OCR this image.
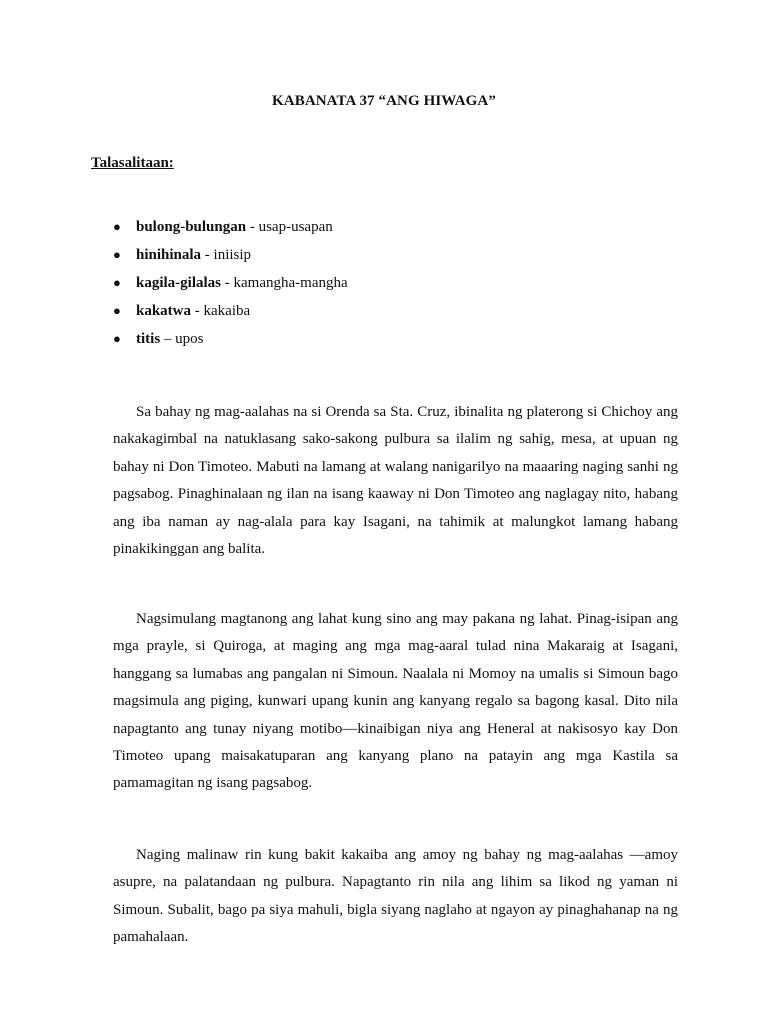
KABANATA 37 “ANG HIWAGA”
Talasalitaan:
●	bulong-bulungan - usap-usapan
●	hinihinala - iniisip
●	kagila-gilalas - kamangha-mangha
●	kakatwa - kakaiba
●	titis – upos

Sa bahay ng mag-aalahas na si Orenda sa Sta. Cruz, ibinalita ng platerong si Chichoy ang nakakagimbal na natuklasang sako-sakong pulbura sa ilalim ng sahig, mesa, at upuan ng bahay ni Don Timoteo. Mabuti na lamang at walang nanigarilyo na maaaring naging sanhi ng pagsabog. Pinaghinalaan ng ilan na isang kaaway ni Don Timoteo ang naglagay nito, habang ang iba naman ay nag-alala para kay Isagani, na tahimik at malungkot lamang habang pinakikinggan ang balita.

Nagsimulang magtanong ang lahat kung sino ang may pakana ng lahat. Pinag-isipan ang mga prayle, si Quiroga, at maging ang mga mag-aaral tulad nina Makaraig at Isagani, hanggang sa lumabas ang pangalan ni Simoun. Naalala ni Momoy na umalis si Simoun bago magsimula ang piging, kunwari upang kunin ang kanyang regalo sa bagong kasal. Dito nila napagtanto ang tunay niyang motibo—kinaibigan niya ang Heneral at nakisosyo kay Don Timoteo upang maisakatuparan ang kanyang plano na patayin ang mga Kastila sa pamamagitan ng isang pagsabog.

Naging malinaw rin kung bakit kakaiba ang amoy ng bahay ng mag-aalahas —amoy asupre, na palatandaan ng pulbura. Napagtanto rin nila ang lihim sa likod ng yaman ni Simoun. Subalit, bago pa siya mahuli, bigla siyang naglaho at ngayon ay pinaghahanap na ng pamahalaan.
